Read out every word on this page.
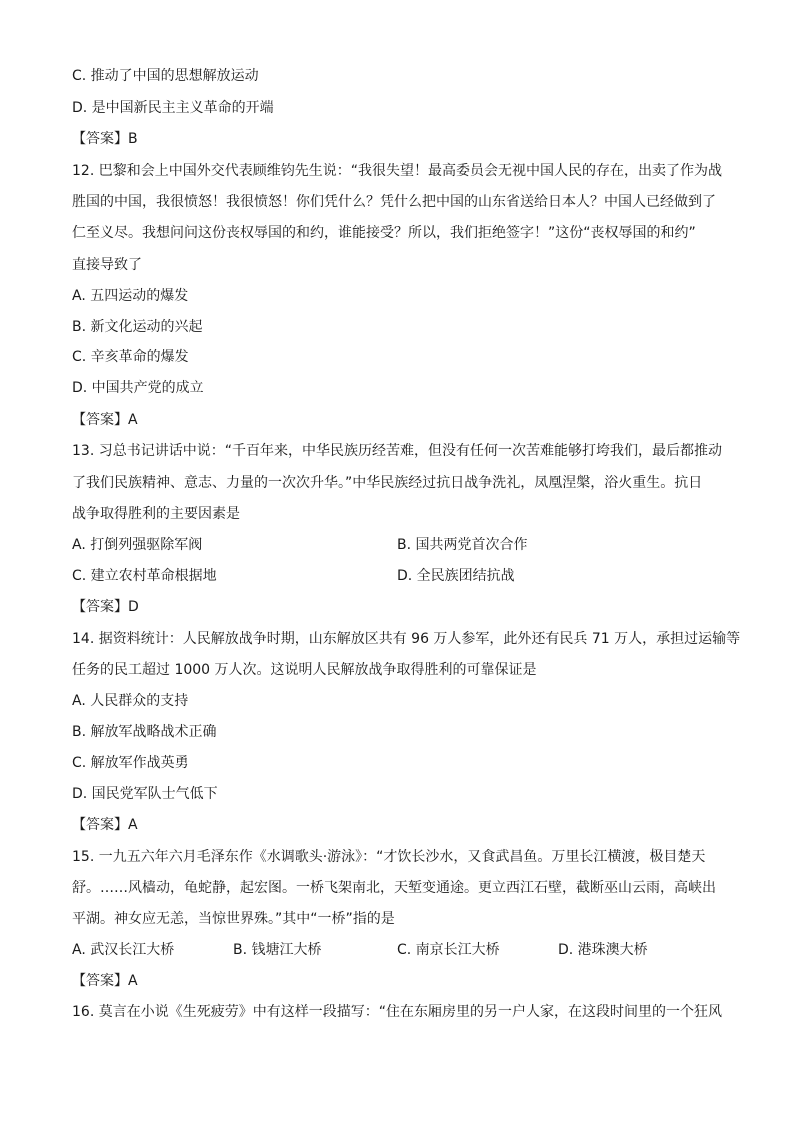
C. 推动了中国的思想解放运动
D. 是中国新民主主义革命的开端
【答案】B
12. 巴黎和会上中国外交代表顾维钧先生说：“我很失望！最高委员会无视中国人民的存在，出卖了作为战
胜国的中国，我很愤怒！我很愤怒！你们凭什么？凭什么把中国的山东省送给日本人？中国人已经做到了
仁至义尽。我想问问这份丧权辱国的和约，谁能接受？所以，我们拒绝签字！”这份“丧权辱国的和约”
直接导致了
A. 五四运动的爆发
B. 新文化运动的兴起
C. 辛亥革命的爆发
D. 中国共产党的成立
【答案】A
13. 习总书记讲话中说：“千百年来，中华民族历经苦难，但没有任何一次苦难能够打垮我们，最后都推动
了我们民族精神、意志、力量的一次次升华。”中华民族经过抗日战争洗礼，凤凰涅槃，浴火重生。抗日
战争取得胜利的主要因素是
A. 打倒列强驱除军阀	B. 国共两党首次合作
C. 建立农村革命根据地	D. 全民族团结抗战
【答案】D
14. 据资料统计：人民解放战争时期，山东解放区共有 96 万人参军，此外还有民兵 71 万人，承担过运输等
任务的民工超过 1000 万人次。这说明人民解放战争取得胜利的可靠保证是
A. 人民群众的支持
B. 解放军战略战术正确
C. 解放军作战英勇
D. 国民党军队士气低下
【答案】A
15. 一九五六年六月毛泽东作《水调歌头·游泳》：“才饮长沙水，又食武昌鱼。万里长江横渡，极目楚天
舒。……风樯动，龟蛇静，起宏图。一桥飞架南北，天堑变通途。更立西江石壁，截断巫山云雨，高峡出
平湖。神女应无恙，当惊世界殊。”其中“一桥”指的是
A. 武汉长江大桥	B. 钱塘江大桥	C. 南京长江大桥	D. 港珠澳大桥
【答案】A
16. 莫言在小说《生死疲劳》中有这样一段描写：“住在东厢房里的另一户人家，在这段时间里的一个狂风
